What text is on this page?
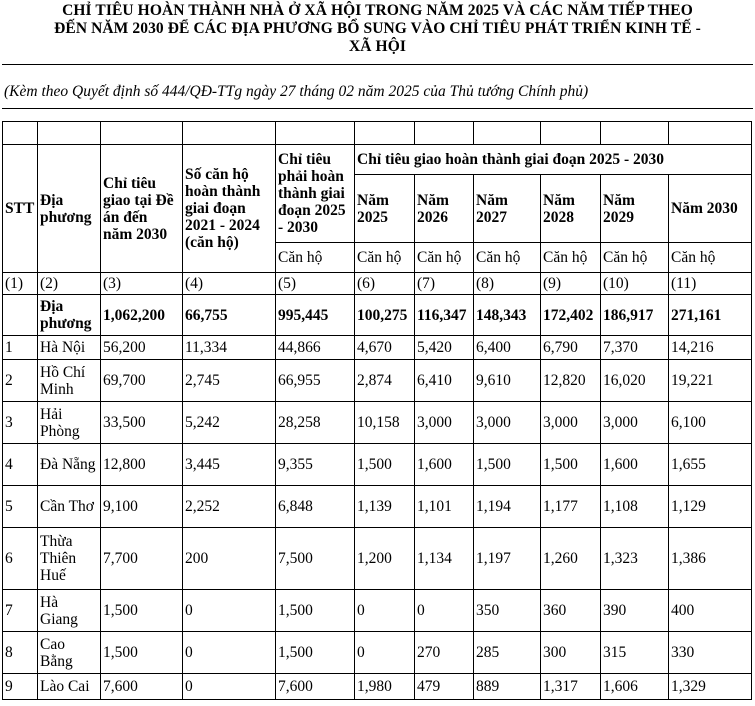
CHỈ TIÊU HOÀN THÀNH NHÀ Ở XÃ HỘI TRONG NĂM 2025 VÀ CÁC NĂM TIẾP THEO
ĐẾN NĂM 2030 ĐỂ CÁC ĐỊA PHƯƠNG BỔ SUNG VÀO CHỈ TIÊU PHÁT TRIỂN KINH TẾ -
XÃ HỘI
(Kèm theo Quyết định số 444/QĐ-TTg ngày 27 tháng 02 năm 2025 của Thủ tướng Chính phủ)

STT	Địa phương	Chỉ tiêu giao tại Đề án đến năm 2030	Số căn hộ hoàn thành giai đoạn 2021 - 2024 (căn hộ)	Chỉ tiêu phải hoàn thành giai đoạn 2025 - 2030	Chỉ tiêu giao hoàn thành giai đoạn 2025 - 2030					
					Năm 2025	Năm 2026	Năm 2027	Năm 2028	Năm 2029	Năm 2030
				Căn hộ	Căn hộ	Căn hộ	Căn hộ	Căn hộ	Căn hộ	Căn hộ
(1)	(2)	(3)	(4)	(5)	(6)	(7)	(8)	(9)	(10)	(11)
	Địa phương	1,062,200	66,755	995,445	100,275	116,347	148,343	172,402	186,917	271,161
1	Hà Nội	56,200	11,334	44,866	4,670	5,420	6,400	6,790	7,370	14,216
2	Hồ Chí Minh	69,700	2,745	66,955	2,874	6,410	9,610	12,820	16,020	19,221
3	Hải Phòng	33,500	5,242	28,258	10,158	3,000	3,000	3,000	3,000	6,100
4	Đà Nẵng	12,800	3,445	9,355	1,500	1,600	1,500	1,500	1,600	1,655
5	Cần Thơ	9,100	2,252	6,848	1,139	1,101	1,194	1,177	1,108	1,129
6	Thừa Thiên Huế	7,700	200	7,500	1,200	1,134	1,197	1,260	1,323	1,386
7	Hà Giang	1,500	0	1,500	0	0	350	360	390	400
8	Cao Bằng	1,500	0	1,500	0	270	285	300	315	330
9	Lào Cai	7,600	0	7,600	1,980	479	889	1,317	1,606	1,329
